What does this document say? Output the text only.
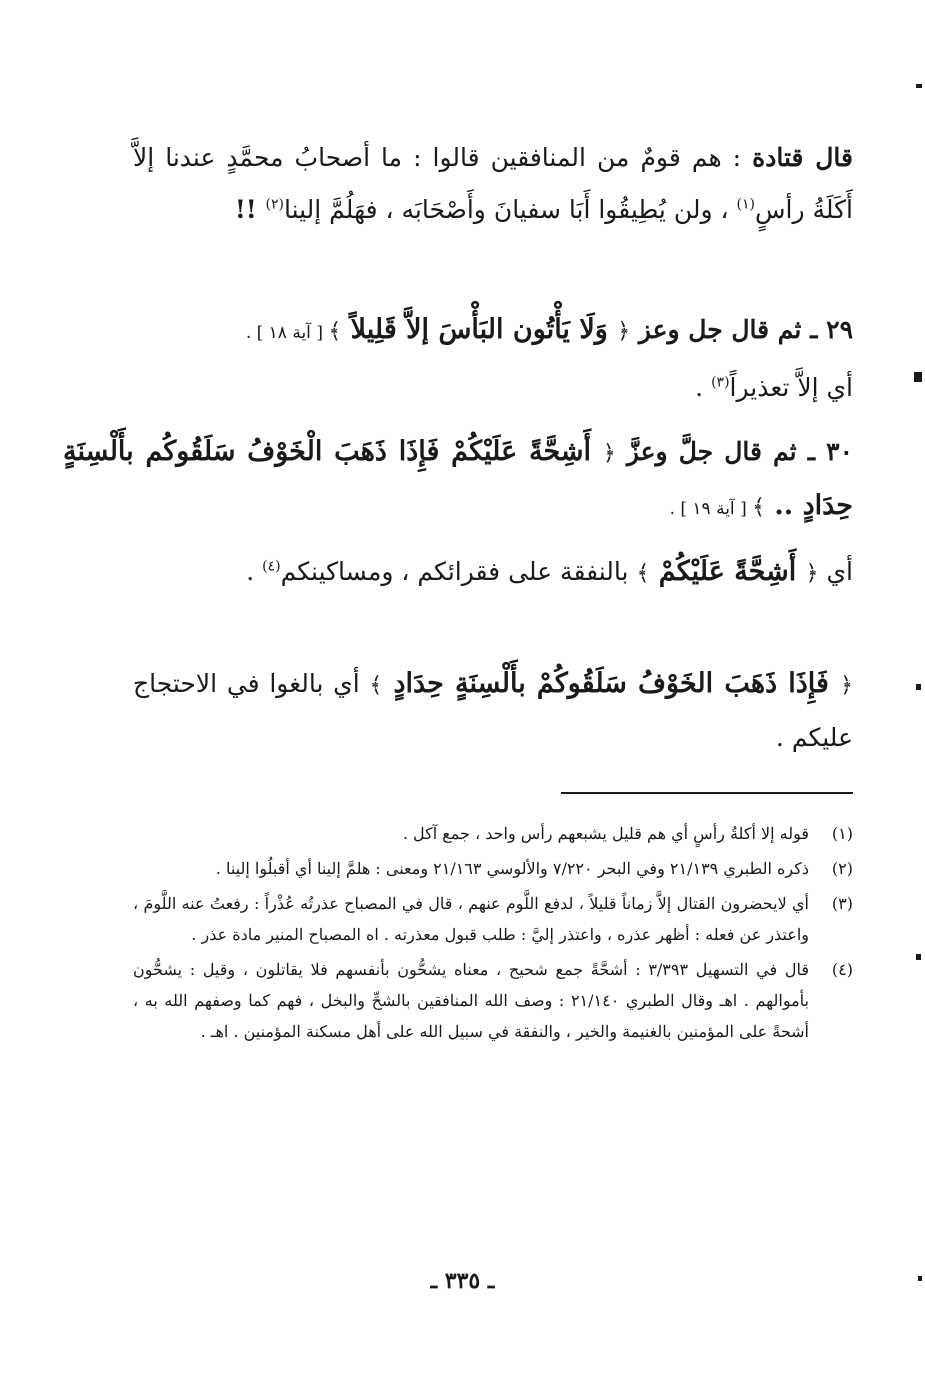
قال قتادة : هم قومٌ من المنافقين قالوا : ما أصحابُ محمَّدٍ عندنا إلاَّ أَكَلَةُ رأسٍ$^{(١)}$ ، ولن يُطِيقُوا أَبَا سفيانَ وأَصْحَابَه ، فهَلُمَّ إلينا$^{(٢)}$ !!

٢٩ ـ ثم قال جل وعز ﴿ وَلَا يَأْتُون البَأْسَ إلاَّ قَلِيلاً ﴾ [ آية ١٨ ] .

أي إلاَّ تعذيراً$^{(٣)}$ .

٣٠ ـ ثم قال جلَّ وعزَّ ﴿ أَشِحَّةً عَلَيْكُمْ فَإِذَا ذَهَبَ الْخَوْفُ سَلَقُوكُم بأَلْسِنَةٍ حِدَادٍ .. ﴾ [ آية ١٩ ] .

أي ﴿ أَشِحَّةً عَلَيْكُمْ ﴾ بالنفقة على فقرائكم ، ومساكينكم$^{(٤)}$ .

﴿ فَإِذَا ذَهَبَ الخَوْفُ سَلَقُوكُمْ بأَلْسِنَةٍ حِدَادٍ ﴾ أي بالغوا في الاحتجاج عليكم .

(١)
قوله إلا أكلةُ رأسٍ أي هم قليل يشبعهم رأس واحد ، جمع آكل .
(٢)
ذكره الطبري ٢١/١٣٩ وفي البحر ٧/٢٢٠ والألوسي ٢١/١٦٣ ومعنى : هلمَّ إلينا أي أقبلُوا إلينا .
(٣)
أي لايحضرون القتال إلاَّ زماناً قليلاً ، لدفع اللَّوم عنهم ، قال في المصباح عذرتُه عُذْراً : رفعتُ عنه اللَّومَ ، واعتذر عن فعله : أظهر عذره ، واعتذر إليَّ : طلب قبول معذرته . اه المصباح المنير مادة عذر .
(٤)
قال في التسهيل ٣/٣٩٣ : أشحَّةً جمع شحيح ، معناه يشحُّون بأنفسهم فلا يقاتلون ، وقيل : يشحُّون بأموالهم . اهـ وقال الطبري ٢١/١٤٠ : وصف الله المنافقين بالشحِّ والبخل ، فهم كما وصفهم الله به ، أشحةً على المؤمنين بالغنيمة والخير ، والنفقة في سبيل الله على أهل مسكنة المؤمنين . اهـ .
ـ ٣٣٥ ـ
